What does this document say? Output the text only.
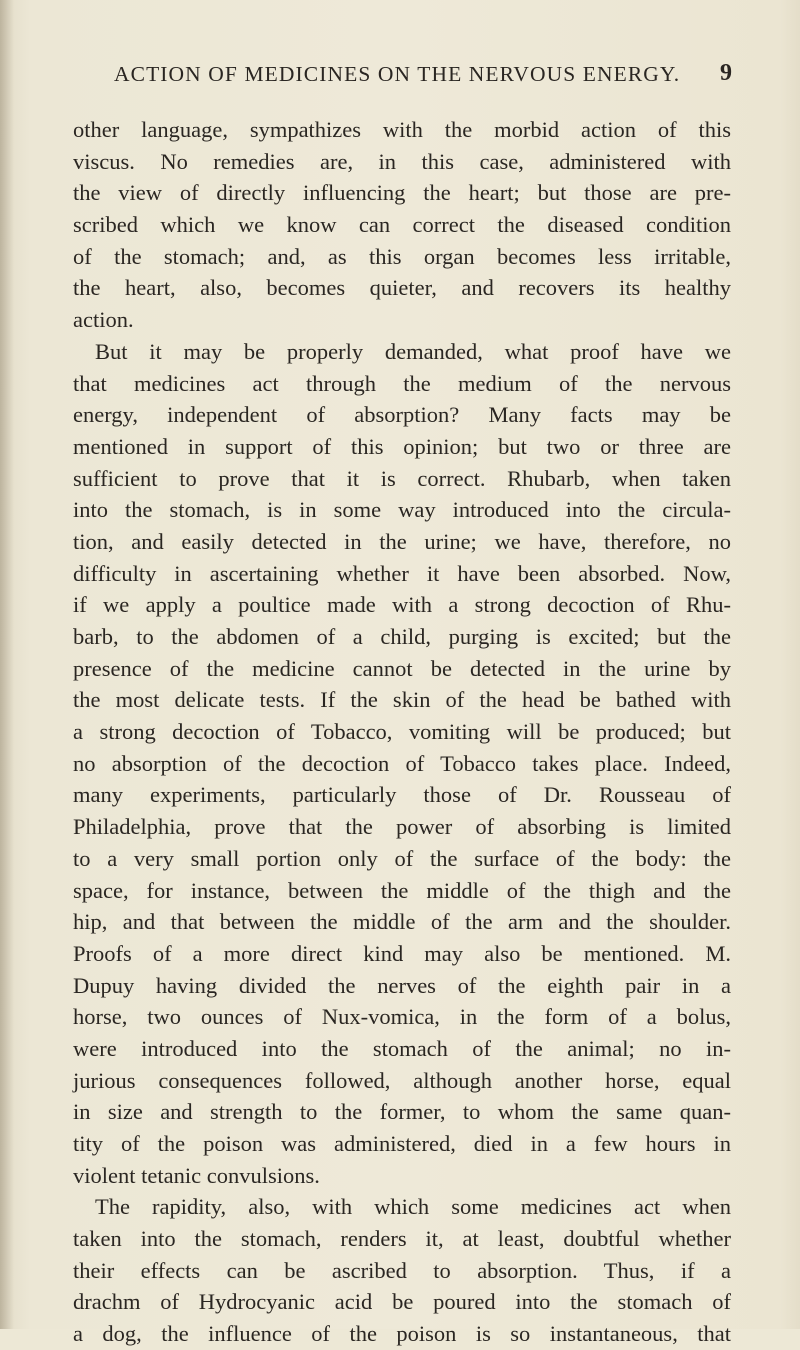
ACTION OF MEDICINES ON THE NERVOUS ENERGY. 9
other language, sympathizes with the morbid action of this
viscus. No remedies are, in this case, administered with
the view of directly influencing the heart; but those are pre-
scribed which we know can correct the diseased condition
of the stomach; and, as this organ becomes less irritable,
the heart, also, becomes quieter, and recovers its healthy
action.
But it may be properly demanded, what proof have we
that medicines act through the medium of the nervous
energy, independent of absorption? Many facts may be
mentioned in support of this opinion; but two or three are
sufficient to prove that it is correct. Rhubarb, when taken
into the stomach, is in some way introduced into the circula-
tion, and easily detected in the urine; we have, therefore, no
difficulty in ascertaining whether it have been absorbed. Now,
if we apply a poultice made with a strong decoction of Rhu-
barb, to the abdomen of a child, purging is excited; but the
presence of the medicine cannot be detected in the urine by
the most delicate tests. If the skin of the head be bathed with
a strong decoction of Tobacco, vomiting will be produced; but
no absorption of the decoction of Tobacco takes place. Indeed,
many experiments, particularly those of Dr. Rousseau of
Philadelphia, prove that the power of absorbing is limited
to a very small portion only of the surface of the body: the
space, for instance, between the middle of the thigh and the
hip, and that between the middle of the arm and the shoulder.
Proofs of a more direct kind may also be mentioned. M.
Dupuy having divided the nerves of the eighth pair in a
horse, two ounces of Nux-vomica, in the form of a bolus,
were introduced into the stomach of the animal; no in-
jurious consequences followed, although another horse, equal
in size and strength to the former, to whom the same quan-
tity of the poison was administered, died in a few hours in
violent tetanic convulsions.
The rapidity, also, with which some medicines act when
taken into the stomach, renders it, at least, doubtful whether
their effects can be ascribed to absorption. Thus, if a
drachm of Hydrocyanic acid be poured into the stomach of
a dog, the influence of the poison is so instantaneous, that
